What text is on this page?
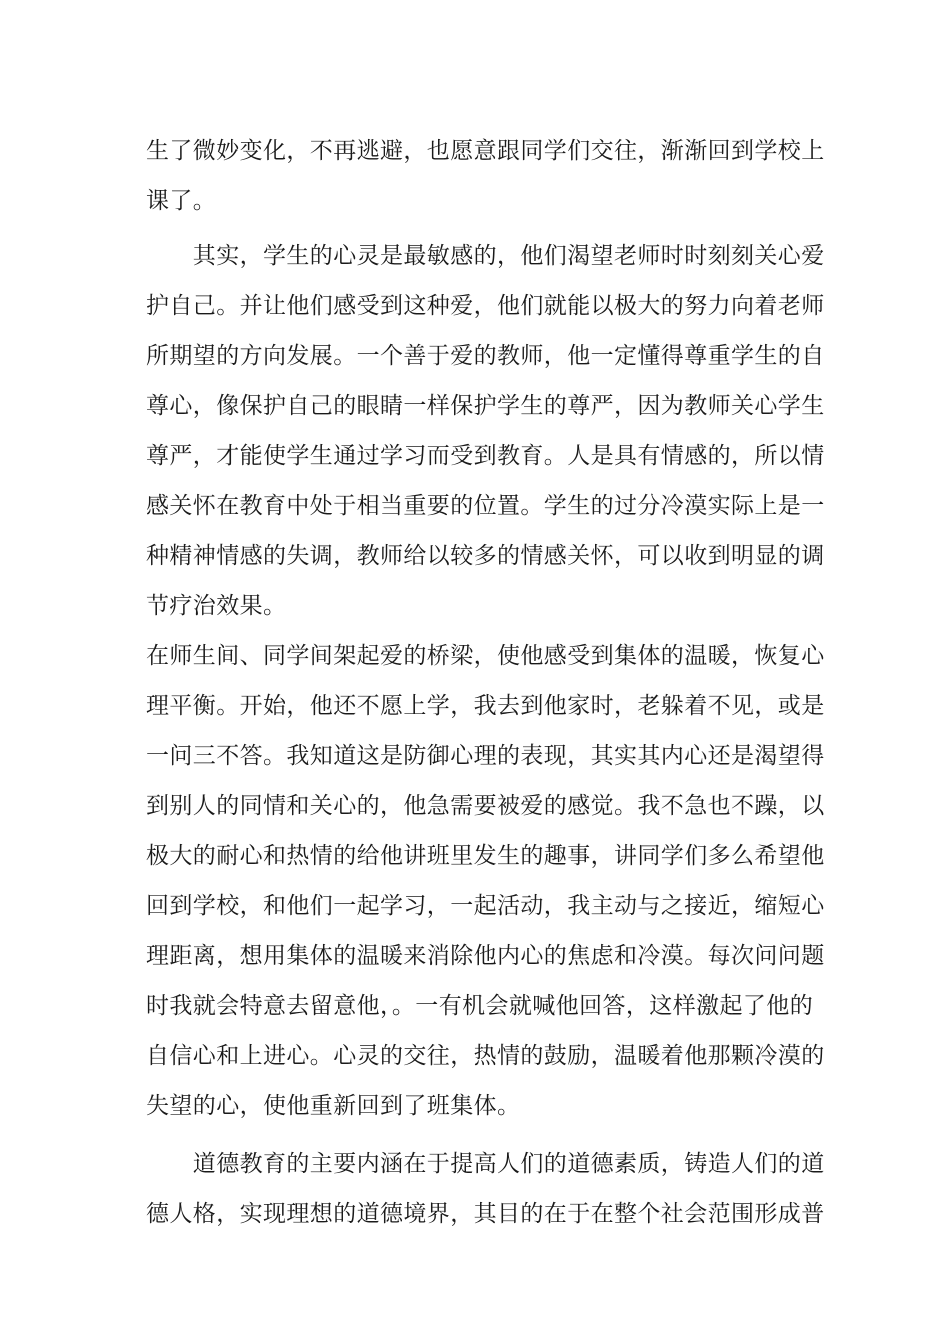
生了微妙变化，不再逃避，也愿意跟同学们交往，渐渐回到学校上
课了。
　　其实，学生的心灵是最敏感的，他们渴望老师时时刻刻关心爱
护自己。并让他们感受到这种爱，他们就能以极大的努力向着老师
所期望的方向发展。一个善于爱的教师，他一定懂得尊重学生的自
尊心，像保护自己的眼睛一样保护学生的尊严，因为教师关心学生
尊严，才能使学生通过学习而受到教育。人是具有情感的，所以情
感关怀在教育中处于相当重要的位置。学生的过分冷漠实际上是一
种精神情感的失调，教师给以较多的情感关怀，可以收到明显的调
节疗治效果。
在师生间、同学间架起爱的桥梁，使他感受到集体的温暖，恢复心
理平衡。开始，他还不愿上学，我去到他家时，老躲着不见，或是
一问三不答。我知道这是防御心理的表现，其实其内心还是渴望得
到别人的同情和关心的，他急需要被爱的感觉。我不急也不躁，以
极大的耐心和热情的给他讲班里发生的趣事，讲同学们多么希望他
回到学校，和他们一起学习，一起活动，我主动与之接近，缩短心
理距离，想用集体的温暖来消除他内心的焦虑和冷漠。每次问问题
时我就会特意去留意他，。一有机会就喊他回答，这样激起了他的
自信心和上进心。心灵的交往，热情的鼓励，温暖着他那颗冷漠的
失望的心，使他重新回到了班集体。
　　道德教育的主要内涵在于提高人们的道德素质，铸造人们的道
德人格，实现理想的道德境界，其目的在于在整个社会范围形成普
